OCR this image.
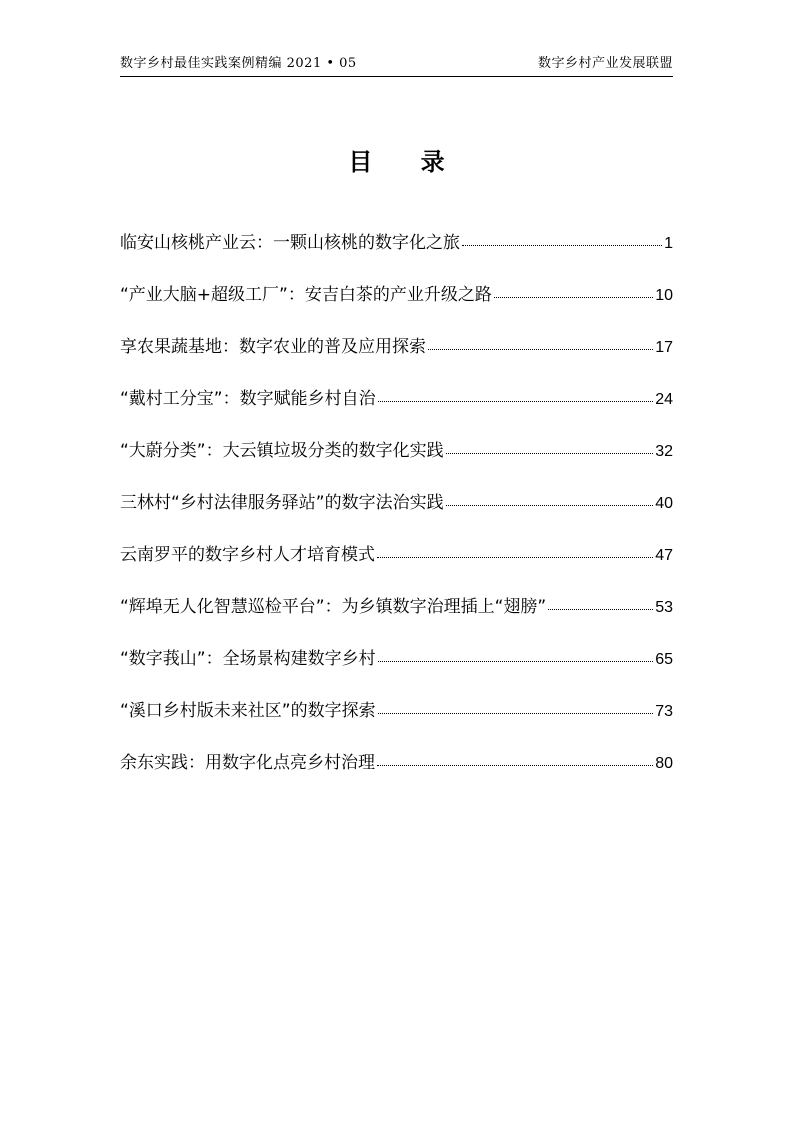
数字乡村最佳实践案例精编 2021 • 05	数字乡村产业发展联盟
目 录
临安山核桃产业云：一颗山核桃的数字化之旅	1
“产业大脑+超级工厂”：安吉白茶的产业升级之路	10
享农果蔬基地：数字农业的普及应用探索	17
“戴村工分宝”：数字赋能乡村自治	24
“大蔚分类”：大云镇垃圾分类的数字化实践	32
三林村“乡村法律服务驿站”的数字法治实践	40
云南罗平的数字乡村人才培育模式	47
“辉埠无人化智慧巡检平台”：为乡镇数字治理插上“翅膀”	53
“数字莪山”：全场景构建数字乡村	65
“溪口乡村版未来社区”的数字探索	73
余东实践：用数字化点亮乡村治理	80
